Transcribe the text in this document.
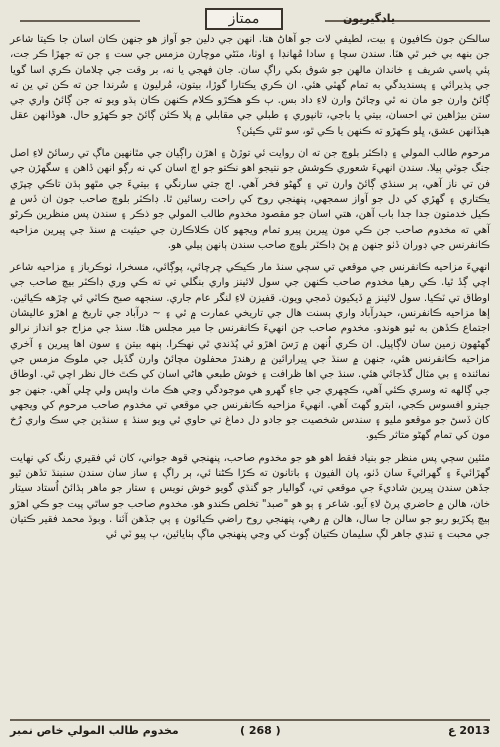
ممتاز	يادگيريون

سالڪن جون ڪافيون ۽ بيت، لطيفي لات جو آهاڻ هتا. انهن جي دلين جو آواز هو جنهن ڪان اسان جا ڪيتا شاعر جن بنهه بي خبر ٿي هٽا. سندن سچا ۽ سادا مُهانڊا ۽ اوٺا، مٽڻي موچارن مزمس جي ست ۽ جن ته جهڙا ڪر جت، پئي پاسي شريف ۽ خاندان مالهن جو شوق بکي راڳ سان. جان فهجي يا نه، بر وقت جي چلامان ڪري اسا گويا جي پذيرائي ۽ پسنديدگي به تمام گهٽي هئي. ان ڪري يڪتارا گوڙا، بيتون، مُرليون ۽ سُرندا جن ته ڪن تي ين ته ڳائڻ وارن جو مان نه ٿي وڃائڻ وارن لاءِ داد بس. ٻ ڪو هڪڙو ڪلام ڪنهن ڪان ٻڌو ويو ته جن ڳائڻ واري جي ستن بيژاهين تي احسان، بيتي يا باجي، تانپوري ۽ طبلي جي مقابلي ۾ پلا ڪئن ڳائڻ جو ڪهڙو حال. هوڏانهن عقل هيڏانهن عشق، ڀلو ڪهڙو ته ڪنهن يا ڪي ٿو، سو ٿئي ڪيئن؟

مرحوم طالب المولي ۽ ڊاڪٽر بلوچ جن ته ان روايت ئي توڙڻ ۽ اهڙن راڳيان جي مٿانهين ماڳ تي رسائڻ لاءِ اصل جنگ جوٽي ٻيلا. سندن انهيءَ شعوري ڪوشش جو نتيجو اهو نڪتو جو اڄ اسان کي نه رڳو انهن ڏاهن ۽ سگهڙن جي فن تي ناز آهي، ٻر سنڌي ڳائڻ وارن تي ۽ گهڻو فخر آهي. اڄ جتي سارنگي ۽ بيتيءَ جي مٿهو ٻڌن تاڪي چپڙي يڪتاري ۽ گهڙي کي دل جو آواز سمجهي، پنهنجي روح کي راحت رسائين ٿا. ڊاڪٽر بلوچ صاحب جون ان ڏس ۾ ڪيل خدمتون جدا جدا باب آهن، هتي اسان جو مقصود مخدوم طالب المولي جو ذڪر ۽ سندن پس منظرين ڪرڻو آهي ته مخدوم صاحب جن ڪي مون ڀيرين پيرو تمام ويجهو کان ڪلاڪارن جي حيثيت ۾ سنڌ جي ڀيرين مزاحيه ڪانفرنس جي ڊوران ڏٺو جنهن ۾ پڻ ڊاڪٽر بلوچ صاحب سندن ٻانهن ٻيلي هو.

انهيءَ مزاحيه ڪانفرنس جي موقعي تي سڄي سنڌ مار ڪيڪي چرچائي، پوڳائي، مسخرا، ٺوڪرباز ۽ مزاحيه شاعر اچي ڳڏ ٿيا. ڪي رهيا مخدوم صاحب ڪنهن جي سول لائينز واري بنگلي تي ته ڪي وري ڊاڪٽر بيچ صاحب جي اوطاق تي ٽڪيا. سول لائينز ۾ ڏيکيون ڏمجي ويون. قفيزن لاءِ لنگر عام جاري. سنجهه صبح ڪاٽي ئي چڙهه ڪيائين. إها مزاحيه ڪانفرنس، حيدرآباد واري ٻسنت هال جي تاريخي عمارت ۾ ٿي ۽ ~ درآباد جي تاريخ ۾ اهڙو عاليشان اجتماع ڪڏهن به ٿيو هوندو. مخدوم صاحب جن انهيءَ ڪانفرنس جا مير مجلس هئا. سنڌ جي مزاح جو انداز نرالو گهڻهون زمين سان لاڳاپيل. ان ڪري اُنهن ۾ رَسَ اهڙو ئي پُڌندي ٿي نهڪرا. ٻنهه بيتن ۽ سون اها ڀيرين ۽ آخري مزاحيه ڪانفرنس هئي، جنهن ۾ سنڌ جي ڀيرارائين ۾ رهندڙ محفلون مچائڻ وارن گڏيل جي ملوڪ مزمس جي نمائنده ۽ بي مثال گڏجائي هئي. سنڌ جي اها ظرافت ۽ خوش طبعي هاڻي اسان کي ڪٿ خال نظر اچي ٿي. اوطاق جي ڳالهه ته وسري ڪئي آهي، ڪچهري جي جاءِ گهرو هي موجودگي وڃي هڪ ماٺ واپس ولي ڇلي آهي. جنهن جو جيترو افسوس ڪجي، ابترو گهٽ آهي. انهيءَ مزاحيه ڪانفرنس جي موقعي تي مخدوم صاحب مرحوم کي ويجهي کان ڏسڻ جو موقعو مليو ۽ سندس شخصيت جو جادو دل دماغ تي حاوي ٿي ويو سنڌ ۽ سنڌين جي سڪ واري رُخ مون کي تمام گهڻو متاثر ڪيو.

مٿئين سڄي پس منظر جو بنياد فقط اهو هو جو مخدوم صاحب، پنهنجي قوھ جواني، کان ئي فقيري رنگ کي نهايت گهڙائيءَ ۽ گهرائيءَ سان ڏٺو، پان الفيون ۽ باتانون ته ڪڙا ڪڻنا ئي، ٻر راڳ ۽ ساز سان سندن سنبنڌ تڏهن ٿيو جڏهن سندن ڀيرين شاديءَ جي موقعي تي، گواليار جو گنڌي گويو خوش نويس ۽ ستار جو ماهر ٻڌائڻ اُستاد سيتار خان، هالن ۾ حاضري پرڻ لاءِ آيو. شاعر ۽ ٻو هو "صبد" تخلص ڪندو هو. مخدوم صاحب جو ساٿي پيت جو ڪي اهڙو ٻيچ پکڙيو ربو جو سالن جا سال، هالن ۾ رهي، پنهنجي روح راضي ڪيائون ۽ ٻي جڏهن آئنا . وبوڌ محمد فقير ڪتيان جي محبت ۽ تنڊي جاهر لڳ سليمان ڪتيان ڳوٺ کي وڃي پنهنجي ماڳ ٻنايائين، ٻ پيو ٽي ئي

2013 ع
( 268 )
مخدوم طالب المولي خاص نمبر
